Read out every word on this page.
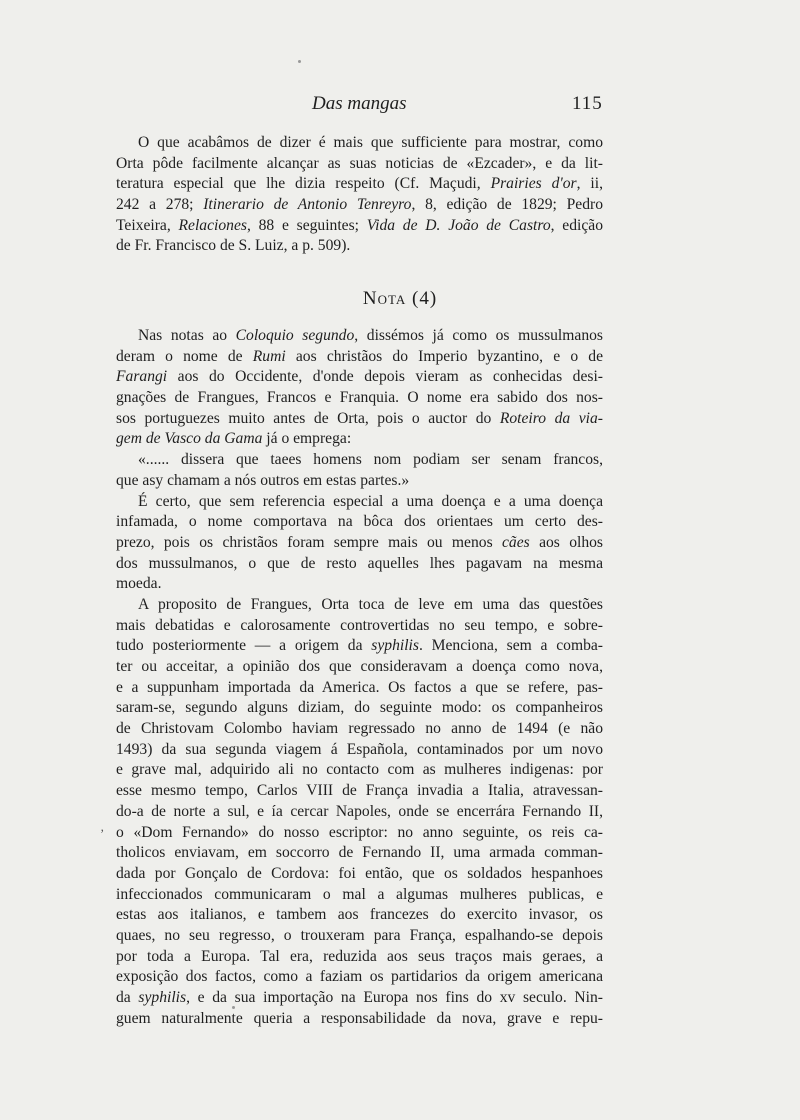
Das mangas	115
O que acabâmos de dizer é mais que sufficiente para mostrar, como
Orta pôde facilmente alcançar as suas noticias de «Ezcader», e da lit-
teratura especial que lhe dizia respeito (Cf. Maçudi, Prairies d'or, ii,
242 a 278; Itinerario de Antonio Tenreyro, 8, edição de 1829; Pedro
Teixeira, Relaciones, 88 e seguintes; Vida de D. João de Castro, edição
de Fr. Francisco de S. Luiz, a p. 509).
Nota (4)
Nas notas ao Coloquio segundo, dissémos já como os mussulmanos
deram o nome de Rumi aos christãos do Imperio byzantino, e o de
Farangi aos do Occidente, d'onde depois vieram as conhecidas desi-
gnações de Frangues, Francos e Franquia. O nome era sabido dos nos-
sos portuguezes muito antes de Orta, pois o auctor do Roteiro da via-
gem de Vasco da Gama já o emprega:
«...... dissera que taees homens nom podiam ser senam francos,
que asy chamam a nós outros em estas partes.»
É certo, que sem referencia especial a uma doença e a uma doença
infamada, o nome comportava na bôca dos orientaes um certo des-
prezo, pois os christãos foram sempre mais ou menos cães aos olhos
dos mussulmanos, o que de resto aquelles lhes pagavam na mesma
moeda.
A proposito de Frangues, Orta toca de leve em uma das questões
mais debatidas e calorosamente controvertidas no seu tempo, e sobre-
tudo posteriormente — a origem da syphilis. Menciona, sem a comba-
ter ou acceitar, a opinião dos que consideravam a doença como nova,
e a suppunham importada da America. Os factos a que se refere, pas-
saram-se, segundo alguns diziam, do seguinte modo: os companheiros
de Christovam Colombo haviam regressado no anno de 1494 (e não
1493) da sua segunda viagem á Española, contaminados por um novo
e grave mal, adquirido ali no contacto com as mulheres indigenas: por
esse mesmo tempo, Carlos VIII de França invadia a Italia, atravessan-
do-a de norte a sul, e ía cercar Napoles, onde se encerrára Fernando II,
o «Dom Fernando» do nosso escriptor: no anno seguinte, os reis ca-
tholicos enviavam, em soccorro de Fernando II, uma armada comman-
dada por Gonçalo de Cordova: foi então, que os soldados hespanhoes
infeccionados communicaram o mal a algumas mulheres publicas, e
estas aos italianos, e tambem aos francezes do exercito invasor, os
quaes, no seu regresso, o trouxeram para França, espalhando-se depois
por toda a Europa. Tal era, reduzida aos seus traços mais geraes, a
exposição dos factos, como a faziam os partidarios da origem americana
da syphilis, e da sua importação na Europa nos fins do xv seculo. Nin-
guem naturalmente queria a responsabilidade da nova, grave e repu-
’
